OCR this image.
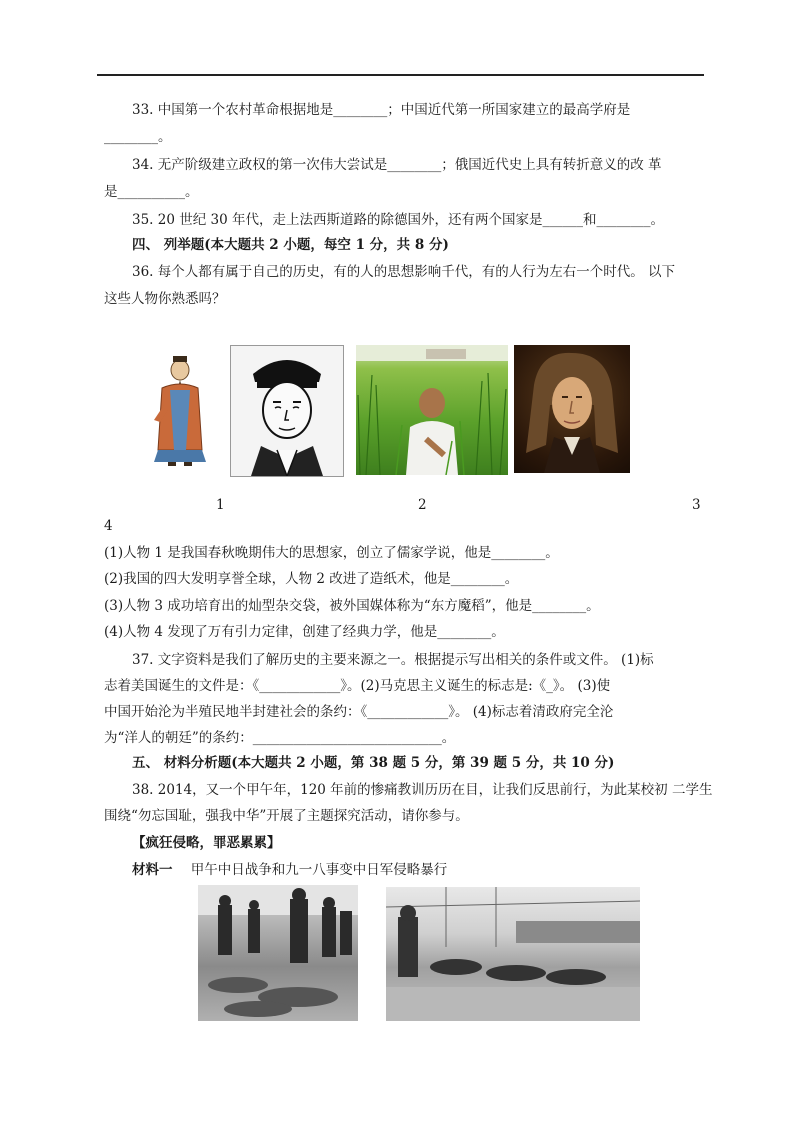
33. 中国第一个农村革命根据地是________；中国近代第一所国家建立的最高学府是
________。
34. 无产阶级建立政权的第一次伟大尝试是________；俄国近代史上具有转折意义的改 革
是__________。
35. 20 世纪 30 年代，走上法西斯道路的除德国外，还有两个国家是______和________。
四、 列举题(本大题共 2 小题，每空 1 分，共 8 分)
36. 每个人都有属于自己的历史，有的人的思想影响千代，有的人行为左右一个时代。 以下
这些人物你熟悉吗？
1	2	3
4
(1)人物 1 是我国春秋晚期伟大的思想家，创立了儒家学说，他是________。
(2)我国的四大发明享誉全球，人物 2 改进了造纸术，他是________。
(3)人物 3 成功培育出的灿型杂交袋，被外国媒体称为“东方魔稻”，他是________。
(4)人物 4 发现了万有引力定律，创建了经典力学，他是________。
37. 文字资料是我们了解历史的主要来源之一。根据提示写出相关的条件或文件。 (1)标
志着美国诞生的文件是：《____________》。(2)马克思主义诞生的标志是:《_》。 (3)使
中国开始沦为半殖民地半封建社会的条约：《____________》。 (4)标志着清政府完全沦
为“洋人的朝廷”的条约：____________________________。
五、 材料分析题(本大题共 2 小题，第 38 题 5 分，第 39 题 5 分，共 10 分)
38. 2014，又一个甲午年，120 年前的惨痛教训历历在目，让我们反思前行，为此某校初 二学生
围绕“勿忘国耻，强我中华”开展了主题探究活动，请你参与。
【疯狂侵略，罪恶累累】
材料一 甲午中日战争和九一八事变中日军侵略暴行
